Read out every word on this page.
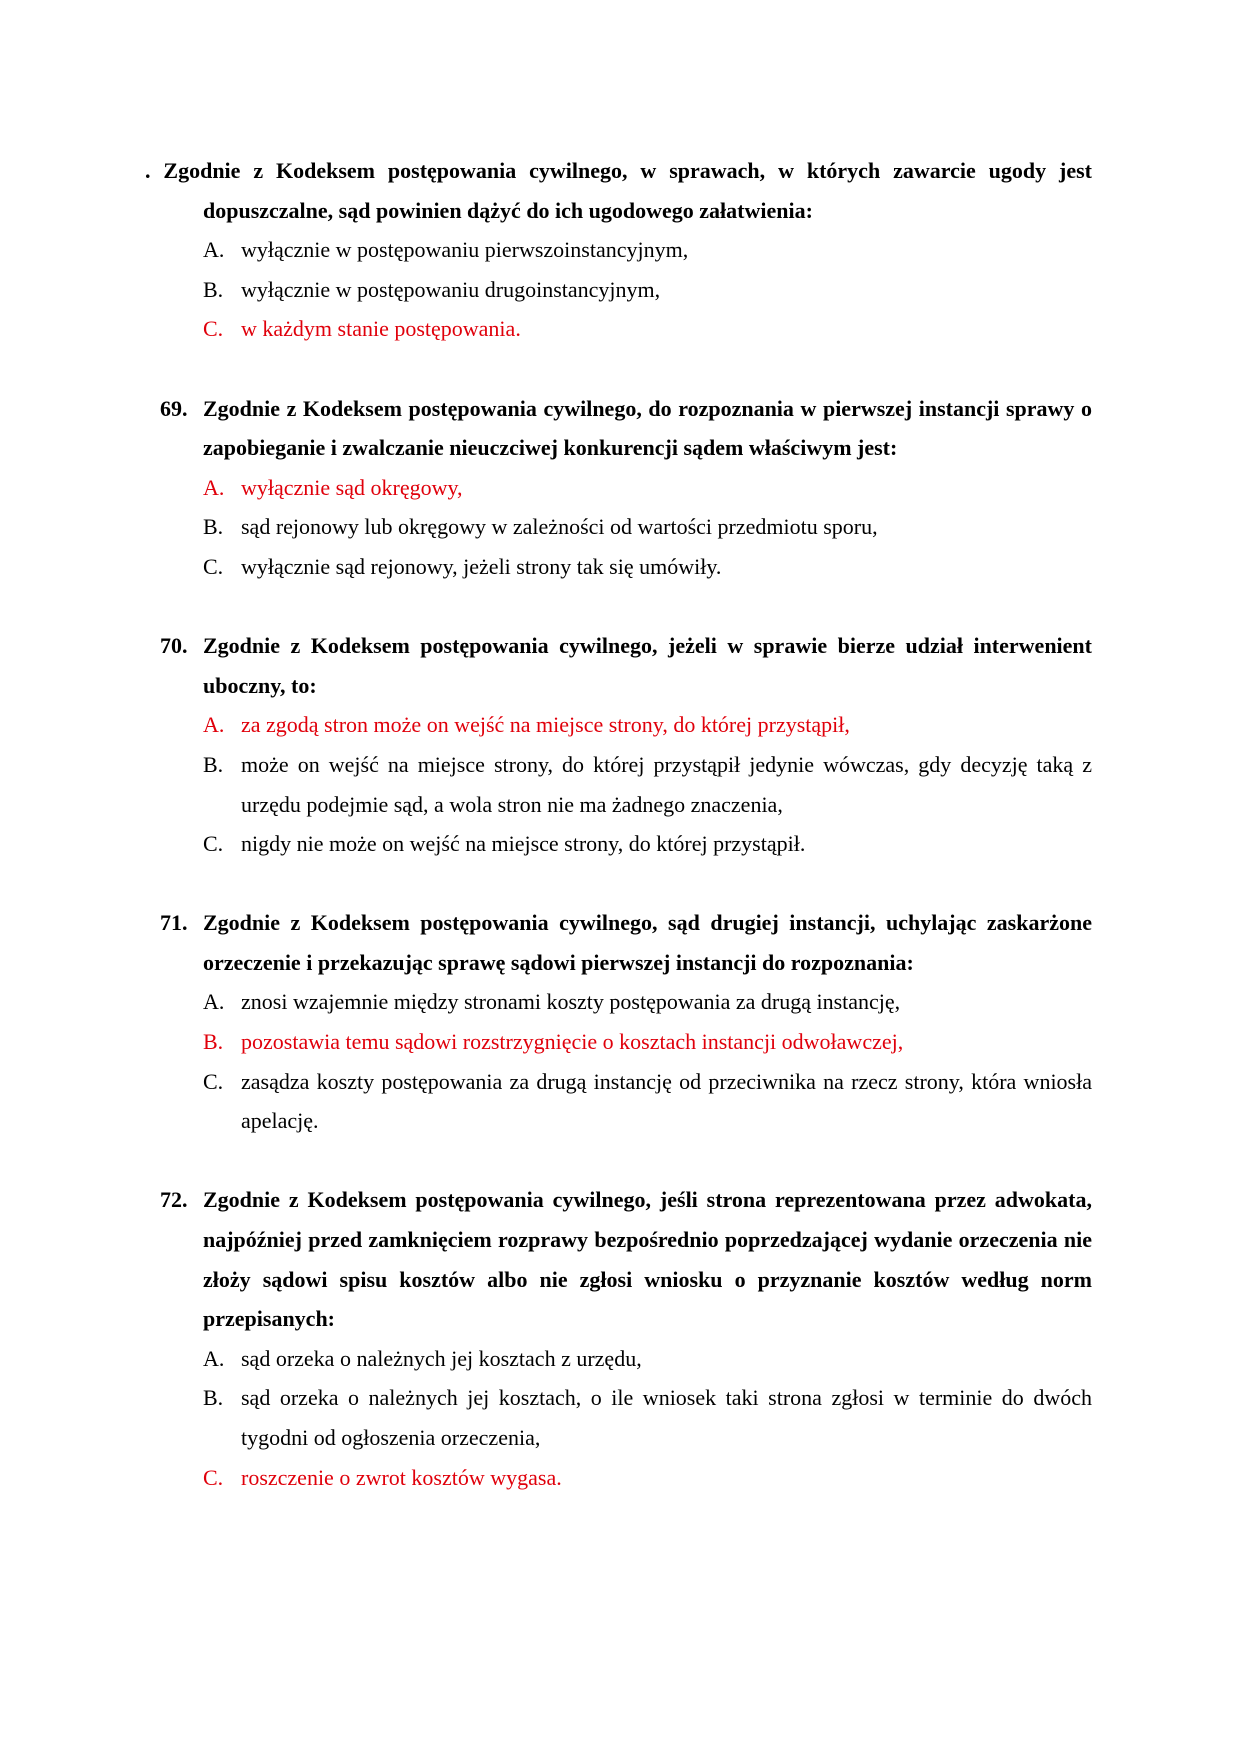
. Zgodnie z Kodeksem postępowania cywilnego, w sprawach, w których zawarcie ugody jest dopuszczalne, sąd powinien dążyć do ich ugodowego załatwienia:
A. wyłącznie w postępowaniu pierwszoinstancyjnym,
B. wyłącznie w postępowaniu drugoinstancyjnym,
C. w każdym stanie postępowania.
69. Zgodnie z Kodeksem postępowania cywilnego, do rozpoznania w pierwszej instancji sprawy o zapobieganie i zwalczanie nieuczciwej konkurencji sądem właściwym jest:
A. wyłącznie sąd okręgowy,
B. sąd rejonowy lub okręgowy w zależności od wartości przedmiotu sporu,
C. wyłącznie sąd rejonowy, jeżeli strony tak się umówiły.
70. Zgodnie z Kodeksem postępowania cywilnego, jeżeli w sprawie bierze udział interwenient uboczny, to:
A. za zgodą stron może on wejść na miejsce strony, do której przystąpił,
B. może on wejść na miejsce strony, do której przystąpił jedynie wówczas, gdy decyzję taką z urzędu podejmie sąd, a wola stron nie ma żadnego znaczenia,
C. nigdy nie może on wejść na miejsce strony, do której przystąpił.
71. Zgodnie z Kodeksem postępowania cywilnego, sąd drugiej instancji, uchylając zaskarżone orzeczenie i przekazując sprawę sądowi pierwszej instancji do rozpoznania:
A. znosi wzajemnie między stronami koszty postępowania za drugą instancję,
B. pozostawia temu sądowi rozstrzygnięcie o kosztach instancji odwoławczej,
C. zasądza koszty postępowania za drugą instancję od przeciwnika na rzecz strony, która wniosła apelację.
72. Zgodnie z Kodeksem postępowania cywilnego, jeśli strona reprezentowana przez adwokata, najpóźniej przed zamknięciem rozprawy bezpośrednio poprzedzającej wydanie orzeczenia nie złoży sądowi spisu kosztów albo nie zgłosi wniosku o przyznanie kosztów według norm przepisanych:
A. sąd orzeka o należnych jej kosztach z urzędu,
B. sąd orzeka o należnych jej kosztach, o ile wniosek taki strona zgłosi w terminie do dwóch tygodni od ogłoszenia orzeczenia,
C. roszczenie o zwrot kosztów wygasa.
